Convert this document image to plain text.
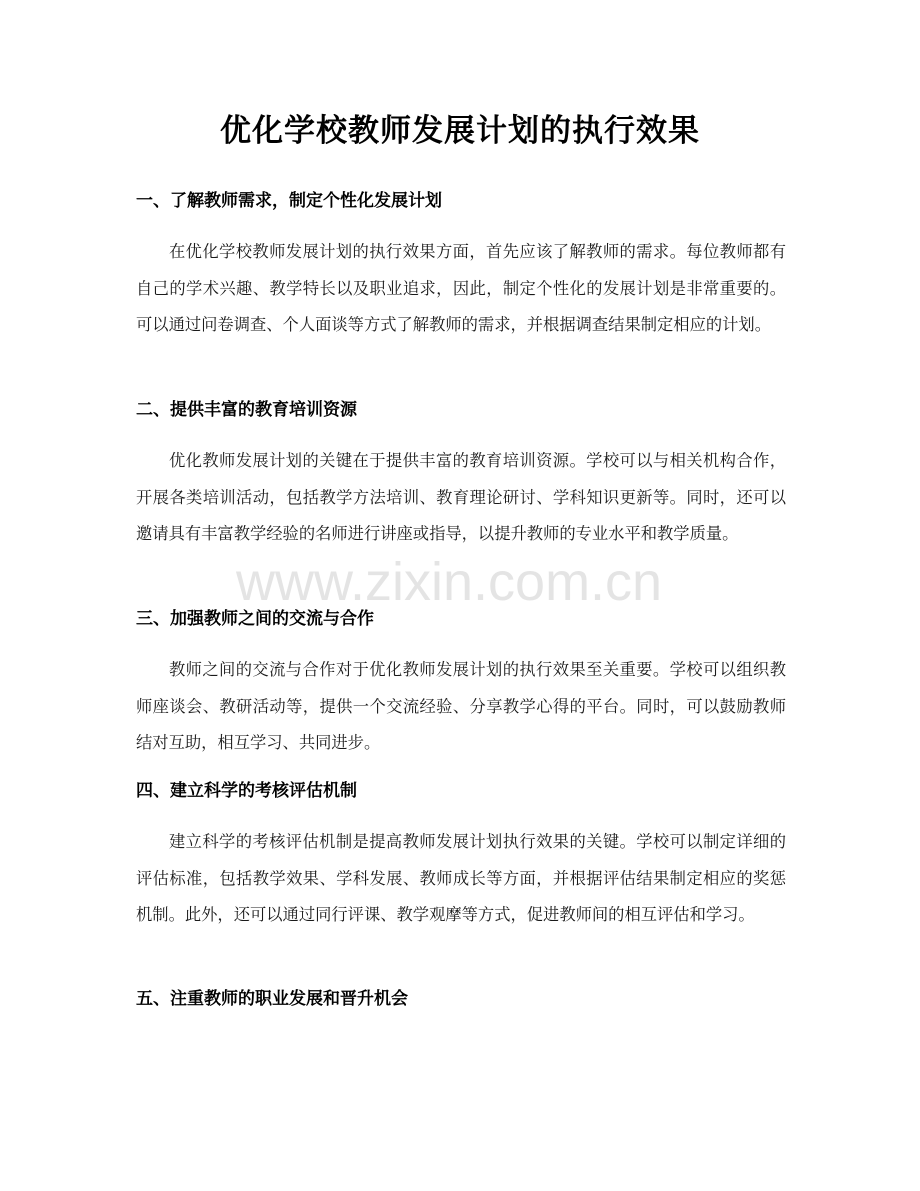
优化学校教师发展计划的执行效果
一、了解教师需求，制定个性化发展计划

在优化学校教师发展计划的执行效果方面，首先应该了解教师的需求。每位教师都有自己的学术兴趣、教学特长以及职业追求，因此，制定个性化的发展计划是非常重要的。可以通过问卷调查、个人面谈等方式了解教师的需求，并根据调查结果制定相应的计划。

二、提供丰富的教育培训资源

优化教师发展计划的关键在于提供丰富的教育培训资源。学校可以与相关机构合作，开展各类培训活动，包括教学方法培训、教育理论研讨、学科知识更新等。同时，还可以邀请具有丰富教学经验的名师进行讲座或指导，以提升教师的专业水平和教学质量。

三、加强教师之间的交流与合作

教师之间的交流与合作对于优化教师发展计划的执行效果至关重要。学校可以组织教师座谈会、教研活动等，提供一个交流经验、分享教学心得的平台。同时，可以鼓励教师结对互助，相互学习、共同进步。

四、建立科学的考核评估机制

建立科学的考核评估机制是提高教师发展计划执行效果的关键。学校可以制定详细的评估标准，包括教学效果、学科发展、教师成长等方面，并根据评估结果制定相应的奖惩机制。此外，还可以通过同行评课、教学观摩等方式，促进教师间的相互评估和学习。

五、注重教师的职业发展和晋升机会
www.zixin.com.cn
